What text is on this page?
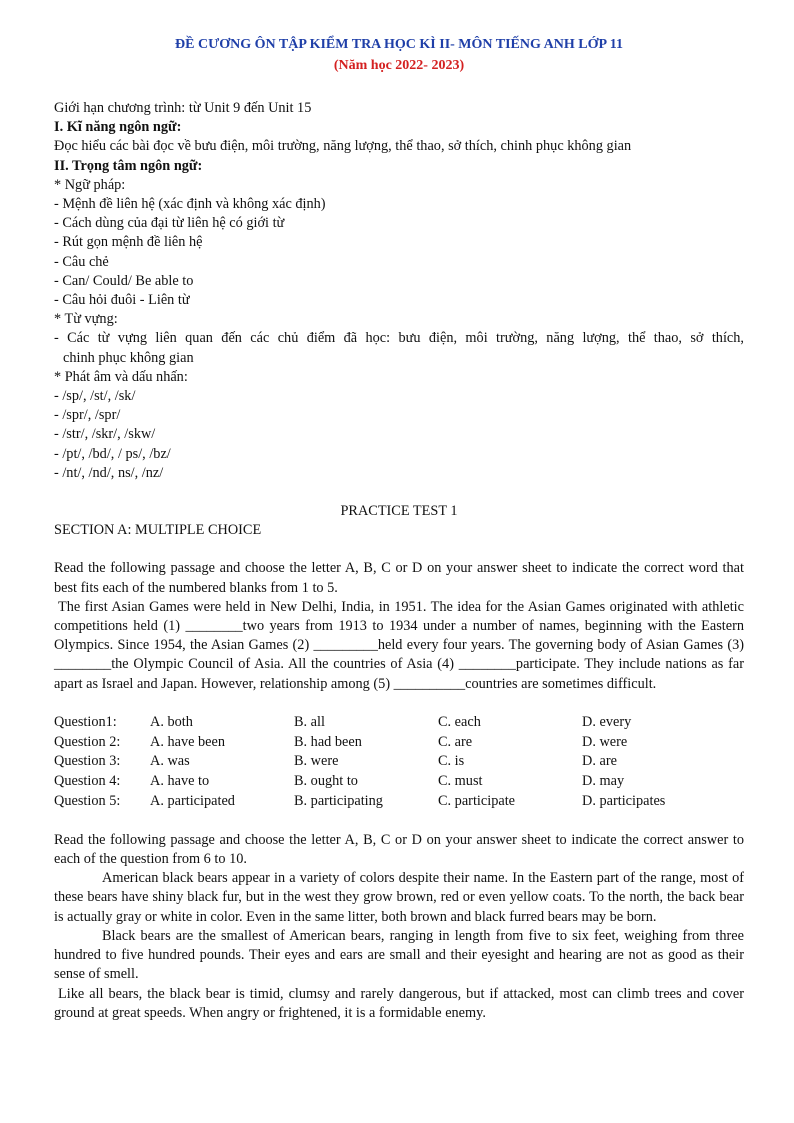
ĐỀ CƯƠNG ÔN TẬP KIỂM TRA HỌC KÌ II- MÔN TIẾNG ANH LỚP 11
(Năm học 2022- 2023)
Giới hạn chương trình: từ Unit 9 đến Unit 15
I. Kĩ năng ngôn ngữ:
Đọc hiểu các bài đọc về bưu điện, môi trường, năng lượng, thể thao, sở thích, chinh phục không gian
II. Trọng tâm ngôn ngữ:
* Ngữ pháp:
- Mệnh đề liên hệ (xác định và không xác định)
- Cách dùng của đại từ liên hệ có giới từ
- Rút gọn mệnh đề liên hệ
- Câu chẻ
- Can/ Could/ Be able to
- Câu hỏi đuôi - Liên từ
* Từ vựng:
- Các từ vựng liên quan đến các chủ điểm đã học: bưu điện, môi trường, năng lượng, thể thao, sở thích,
chinh phục không gian
* Phát âm và dấu nhấn:
- /sp/, /st/, /sk/
- /spr/, /spr/
- /str/, /skr/, /skw/
- /pt/, /bd/, / ps/, /bz/
- /nt/, /nd/, ns/, /nz/
PRACTICE TEST 1
SECTION A: MULTIPLE CHOICE
Read the following passage and choose the letter A, B, C or D on your answer sheet to indicate the correct word that best fits each of the numbered blanks from 1 to 5.
The first Asian Games were held in New Delhi, India, in 1951. The idea for the Asian Games originated with athletic competitions held (1) ________two years from 1913 to 1934 under a number of names, beginning with the Eastern Olympics. Since 1954, the Asian Games (2) _________held every four years. The governing body of Asian Games (3) ________the Olympic Council of Asia. All the countries of Asia (4) ________participate. They include nations as far apart as Israel and Japan. However, relationship among (5) __________countries are sometimes difficult.
Question1:	A. both	B. all	C. each	D. every
Question 2:	A. have been	B. had been	C. are	D. were
Question 3:	A. was	B. were	C. is	D. are
Question 4:	A. have to	B. ought to	C. must	D. may
Question 5:	A. participated	B. participating	C. participate	D. participates
Read the following passage and choose the letter A, B, C or D on your answer sheet to indicate the correct answer to each of the question from 6 to 10.
American black bears appear in a variety of colors despite their name. In the Eastern part of the range, most of these bears have shiny black fur, but in the west they grow brown, red or even yellow coats. To the north, the back bear is actually gray or white in color. Even in the same litter, both brown and black furred bears may be born.
Black bears are the smallest of American bears, ranging in length from five to six feet, weighing from three hundred to five hundred pounds. Their eyes and ears are small and their eyesight and hearing are not as good as their sense of smell.
Like all bears, the black bear is timid, clumsy and rarely dangerous, but if attacked, most can climb trees and cover ground at great speeds. When angry or frightened, it is a formidable enemy.
